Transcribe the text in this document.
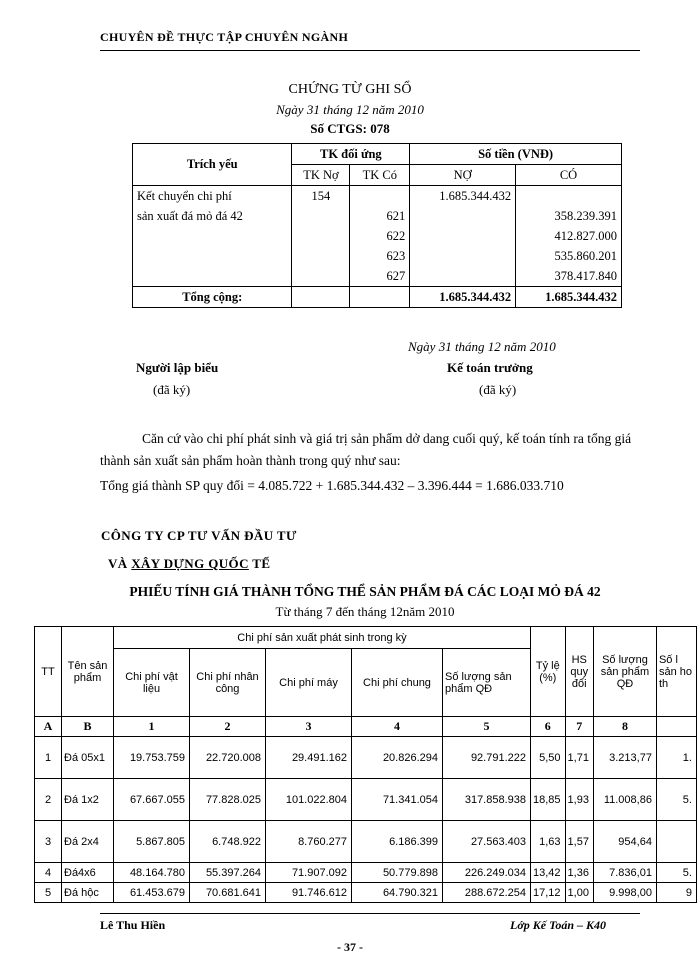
CHUYÊN ĐỀ THỰC TẬP CHUYÊN NGÀNH
CHỨNG TỪ GHI SỔ
Ngày 31 tháng 12 năm 2010
Số CTGS: 078
Trích yếu	TK đối ứng		Số tiền (VNĐ)	
	TK Nợ	TK Có	NỢ	CÓ
Kết chuyển chi phí	154		1.685.344.432	
sản xuất đá mỏ đá 42		621		358.239.391
		622		412.827.000
		623		535.860.201
		627		378.417.840
Tổng cộng:			1.685.344.432	1.685.344.432
Ngày 31 tháng 12 năm 2010
Người lập biểu
(đã ký)
Kế toán trưởng
(đã ký)
Căn cứ vào chi phí phát sinh và giá trị sản phẩm dở dang cuối quý, kế toán tính ra tổng giá thành sản xuất sản phẩm hoàn thành trong quý như sau:
Tổng giá thành SP quy đổi = 4.085.722 + 1.685.344.432 – 3.396.444 = 1.686.033.710
CÔNG TY CP TƯ VẤN ĐẦU TƯ
VÀ XÂY DỰNG QUỐC TẾ
PHIẾU TÍNH GIÁ THÀNH TỔNG THỂ SẢN PHẨM ĐÁ CÁC LOẠI MỎ ĐÁ 42
Từ tháng 7 đến tháng 12năm 2010
TT	Tên sản phẩm	Chi phí sản xuất phát sinh trong kỳ					Tỷ lệ (%)	HS quy đổi	Số lượng sản phẩm QĐ	Số l sản ho th
		Chi phí vật liệu	Chi phí nhân công	Chi phí máy	Chi phí chung	Số lượng sản phẩm QĐ				
A	B	1	2	3	4	5	6	7	8	
1	Đá 05x1	19.753.759	22.720.008	29.491.162	20.826.294	92.791.222	5,50	1,71	3.213,77	1.
2	Đá 1x2	67.667.055	77.828.025	101.022.804	71.341.054	317.858.938	18,85	1,93	11.008,86	5.
3	Đá 2x4	5.867.805	6.748.922	8.760.277	6.186.399	27.563.403	1,63	1,57	954,64	
4	Đá4x6	48.164.780	55.397.264	71.907.092	50.779.898	226.249.034	13,42	1,36	7.836,01	5.
5	Đá hộc	61.453.679	70.681.641	91.746.612	64.790.321	288.672.254	17,12	1,00	9.998,00	9
Lê Thu Hiền	Lớp Kế Toán – K40
- 37 -
